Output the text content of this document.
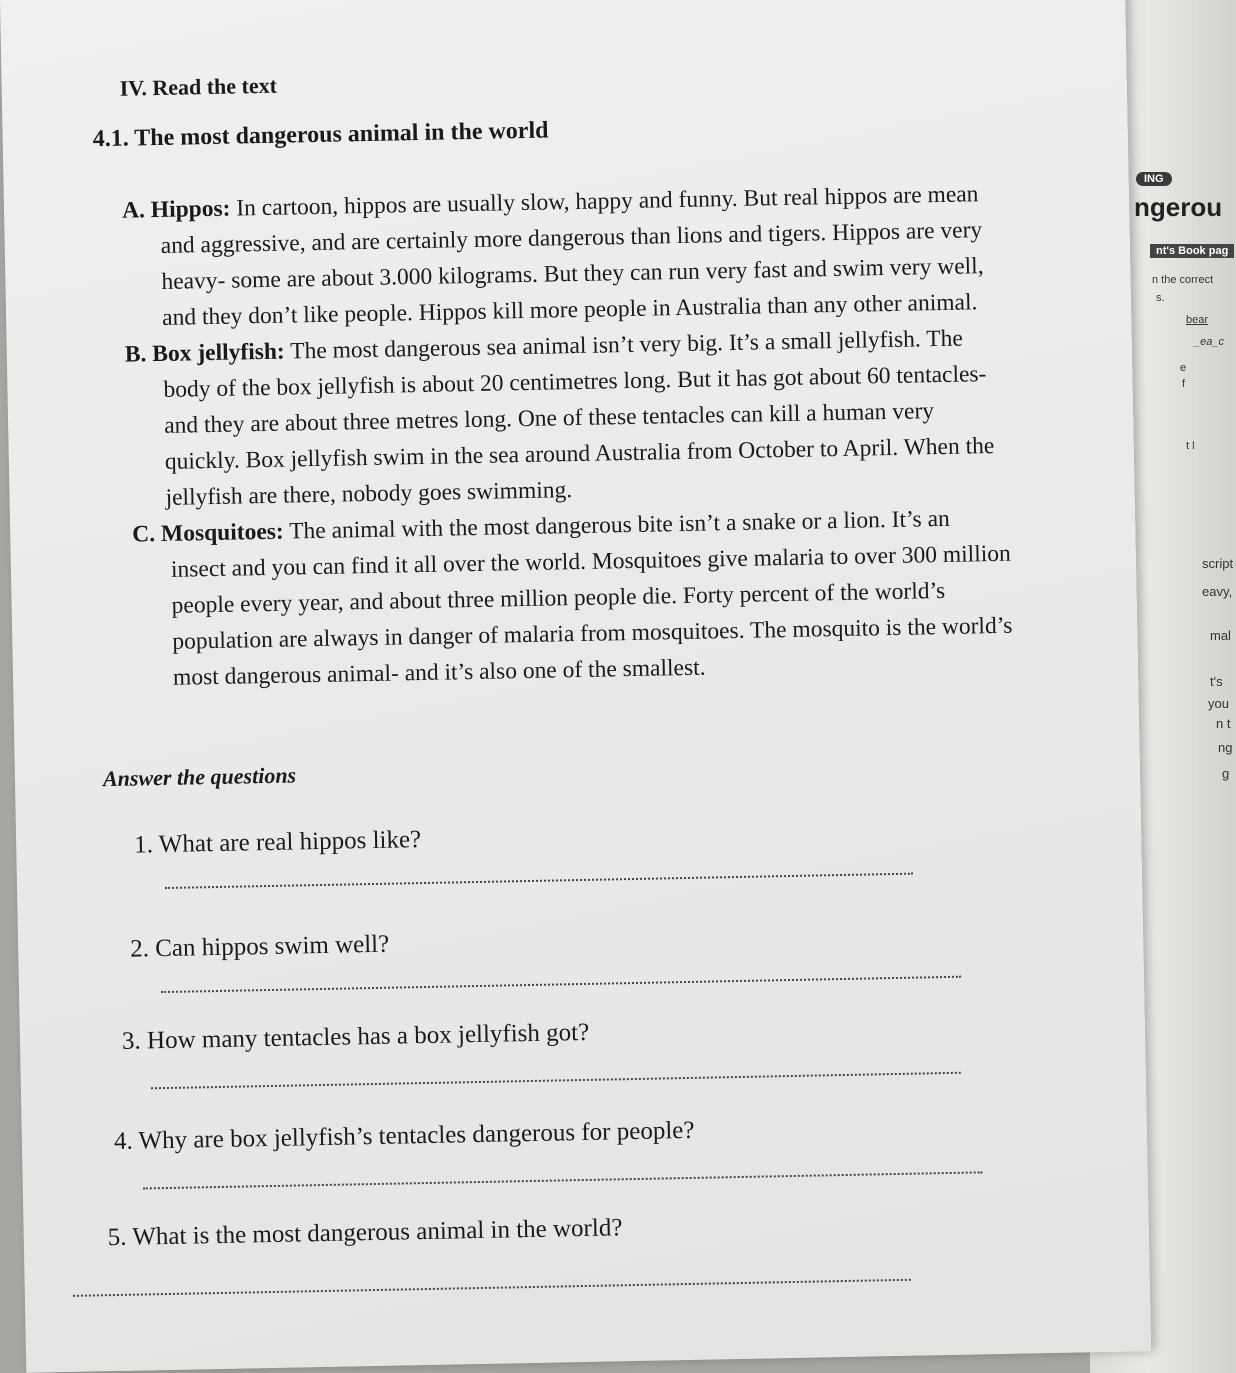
ING
ngerou
nt's Book pag
n the correct
s.
bear
_ea_c
e
f
t l
script
eavy,
mal
t's
you
n t
ng
g
IV. Read the text
4.1. The most dangerous animal in the world
A. Hippos: In cartoon, hippos are usually slow, happy and funny. But real hippos are mean
and aggressive, and are certainly more dangerous than lions and tigers. Hippos are very
heavy- some are about 3.000 kilograms. But they can run very fast and swim very well,
and they don’t like people. Hippos kill more people in Australia than any other animal.
B. Box jellyfish: The most dangerous sea animal isn’t very big. It’s a small jellyfish. The
body of the box jellyfish is about 20 centimetres long. But it has got about 60 tentacles-
and they are about three metres long. One of these tentacles can kill a human very
quickly. Box jellyfish swim in the sea around Australia from October to April. When the
jellyfish are there, nobody goes swimming.
C. Mosquitoes: The animal with the most dangerous bite isn’t a snake or a lion. It’s an
insect and you can find it all over the world. Mosquitoes give malaria to over 300 million
people every year, and about three million people die. Forty percent of the world’s
population are always in danger of malaria from mosquitoes. The mosquito is the world’s
most dangerous animal- and it’s also one of the smallest.
Answer the questions
1. What are real hippos like?
2. Can hippos swim well?
3. How many tentacles has a box jellyfish got?
4. Why are box jellyfish’s tentacles dangerous for people?
5. What is the most dangerous animal in the world?
